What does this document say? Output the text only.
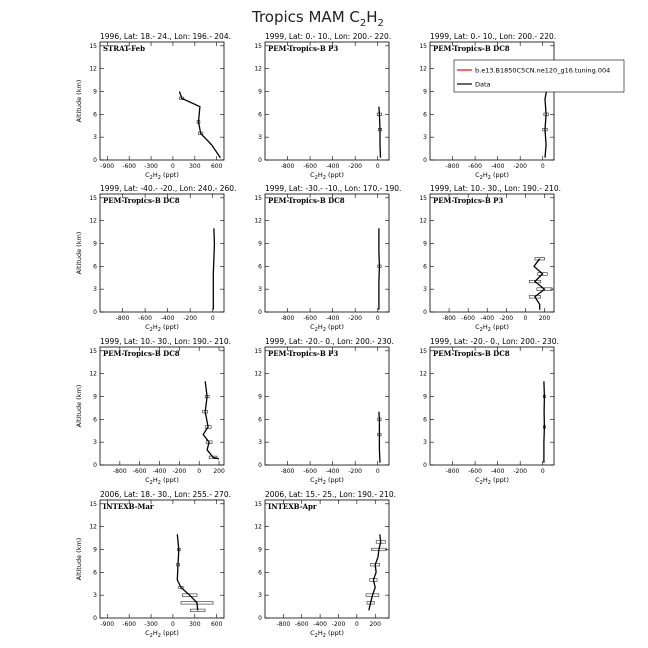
Tropics MAM $C_2H_2$
1996, Lat: 18.- 24., Lon: 196.- 204.
STRAT-Feb
0
3
6
9
12
15
-900 -600 -300 0 300 600
$C_2H_2$ (ppt)
Altitude (km)
1999, Lat: 0.- 10., Lon: 200.- 220.
PEM-Tropics-B P3
0
3
6
9
12
15
-800 -600 -400 -200 0
$C_2H_2$ (ppt)
1999, Lat: 0.- 10., Lon: 200.- 220.
PEM-Tropics-B DC8
0
3
6
9
12
15
-800 -600 -400 -200 0
$C_2H_2$ (ppt)
1999, Lat: -40.- -20., Lon: 240.- 260.
PEM-Tropics-B DC8
0
3
6
9
12
15
-800 -600 -400 -200 0
$C_2H_2$ (ppt)
Altitude (km)
1999, Lat: -30.- -10., Lon: 170.- 190.
PEM-Tropics-B DC8
0
3
6
9
12
15
-800 -600 -400 -200 0
$C_2H_2$ (ppt)
1999, Lat: 10.- 30., Lon: 190.- 210.
PEM-Tropics-B P3
0
3
6
9
12
15
-800 -600 -400 -200 0 200
$C_2H_2$ (ppt)
1999, Lat: 10.- 30., Lon: 190.- 210.
PEM-Tropics-B DC8
0
3
6
9
12
15
-800 -600 -400 -200 0 200
$C_2H_2$ (ppt)
Altitude (km)
1999, Lat: -20.- 0., Lon: 200.- 230.
PEM-Tropics-B P3
0
3
6
9
12
15
-800 -600 -400 -200 0
$C_2H_2$ (ppt)
1999, Lat: -20.- 0., Lon: 200.- 230.
PEM-Tropics-B DC8
0
3
6
9
12
15
-800 -600 -400 -200 0
$C_2H_2$ (ppt)
2006, Lat: 18.- 30., Lon: 255.- 270.
INTEXB-Mar
0
3
6
9
12
15
-900 -600 -300 0 300 600
$C_2H_2$ (ppt)
Altitude (km)
2006, Lat: 15.- 25., Lon: 190.- 210.
INTEXB-Apr
0
3
6
9
12
15
-800 -600 -400 -200 0 200
$C_2H_2$ (ppt)
b.e13.B1850C5CN.ne120_g16.tuning.004
Data
